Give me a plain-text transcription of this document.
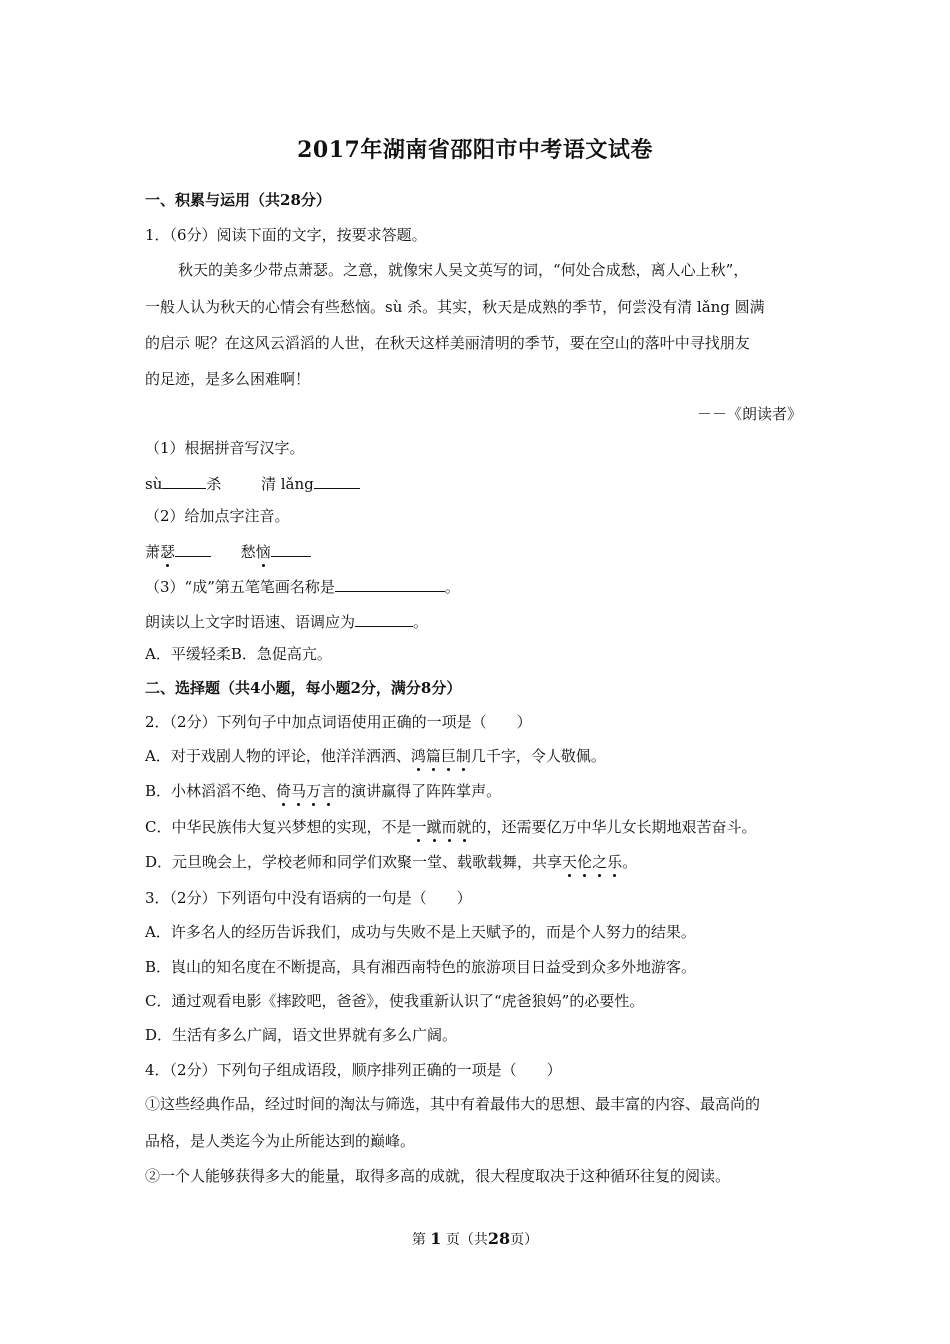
2017年湖南省邵阳市中考语文试卷
一、积累与运用（共28分）
1．（6分）阅读下面的文字，按要求答题。
秋天的美多少带点萧瑟。之意，就像宋人吴文英写的词，“何处合成愁，离人心上秋”，
一般人认为秋天的心情会有些愁恼。sù 杀。其实，秋天是成熟的季节，何尝没有清 lǎng 圆满
的启示 呢？在这风云滔滔的人世，在秋天这样美丽清明的季节，要在空山的落叶中寻找朋友
的足迹，是多么困难啊！
－－《朗读者》
（1）根据拼音写汉字。
sù	杀	清 lǎng
（2）给加点字注音。
萧瑟	愁恼
（3）“成”第五笔笔画名称是	。
朗读以上文字时语速、语调应为	。
A．平缓轻柔B．急促高亢。
二、选择题（共4小题，每小题2分，满分8分）
2．（2分）下列句子中加点词语使用正确的一项是（　　）
A．对于戏剧人物的评论，他洋洋洒洒、鸿篇巨制几千字，令人敬佩。
B．小林滔滔不绝、倚马万言的演讲赢得了阵阵掌声。
C．中华民族伟大复兴梦想的实现，不是一蹴而就的，还需要亿万中华儿女长期地艰苦奋斗。
D．元旦晚会上，学校老师和同学们欢聚一堂、载歌载舞，共享天伦之乐。
3．（2分）下列语句中没有语病的一句是（　　）
A．许多名人的经历告诉我们，成功与失败不是上天赋予的，而是个人努力的结果。
B．崀山的知名度在不断提高，具有湘西南特色的旅游项目日益受到众多外地游客。
C．通过观看电影《摔跤吧，爸爸》，使我重新认识了“虎爸狼妈”的必要性。
D．生活有多么广阔，语文世界就有多么广阔。
4．（2分）下列句子组成语段，顺序排列正确的一项是（　　）
①这些经典作品，经过时间的淘汰与筛选，其中有着最伟大的思想、最丰富的内容、最高尚的
品格，是人类迄今为止所能达到的巅峰。
②一个人能够获得多大的能量，取得多高的成就，很大程度取决于这种循环往复的阅读。
第 1 页（共28页）
